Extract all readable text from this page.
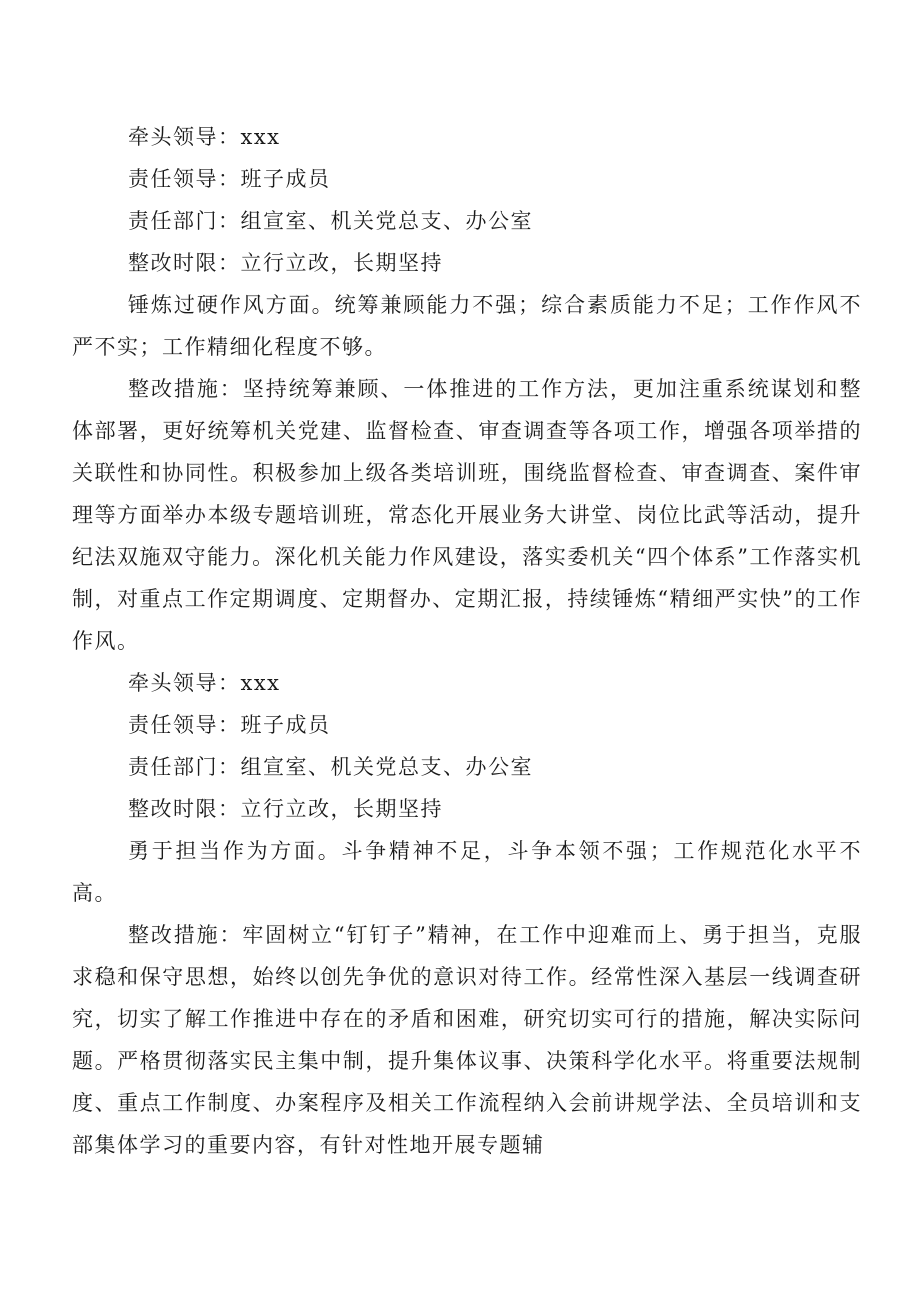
牵头领导：xxx

责任领导：班子成员

责任部门：组宣室、机关党总支、办公室

整改时限：立行立改，长期坚持

锤炼过硬作风方面。统筹兼顾能力不强；综合素质能力不足；工作作风不严不实；工作精细化程度不够。

整改措施：坚持统筹兼顾、一体推进的工作方法，更加注重系统谋划和整体部署，更好统筹机关党建、监督检查、审查调查等各项工作，增强各项举措的关联性和协同性。积极参加上级各类培训班，围绕监督检查、审查调查、案件审理等方面举办本级专题培训班，常态化开展业务大讲堂、岗位比武等活动，提升纪法双施双守能力。深化机关能力作风建设，落实委机关“四个体系”工作落实机制，对重点工作定期调度、定期督办、定期汇报，持续锤炼“精细严实快”的工作作风。

牵头领导：xxx

责任领导：班子成员

责任部门：组宣室、机关党总支、办公室

整改时限：立行立改，长期坚持

勇于担当作为方面。斗争精神不足，斗争本领不强；工作规范化水平不高。

整改措施：牢固树立“钉钉子”精神，在工作中迎难而上、勇于担当，克服求稳和保守思想，始终以创先争优的意识对待工作。经常性深入基层一线调查研究，切实了解工作推进中存在的矛盾和困难，研究切实可行的措施，解决实际问题。严格贯彻落实民主集中制，提升集体议事、决策科学化水平。将重要法规制度、重点工作制度、办案程序及相关工作流程纳入会前讲规学法、全员培训和支部集体学习的重要内容，有针对性地开展专题辅
